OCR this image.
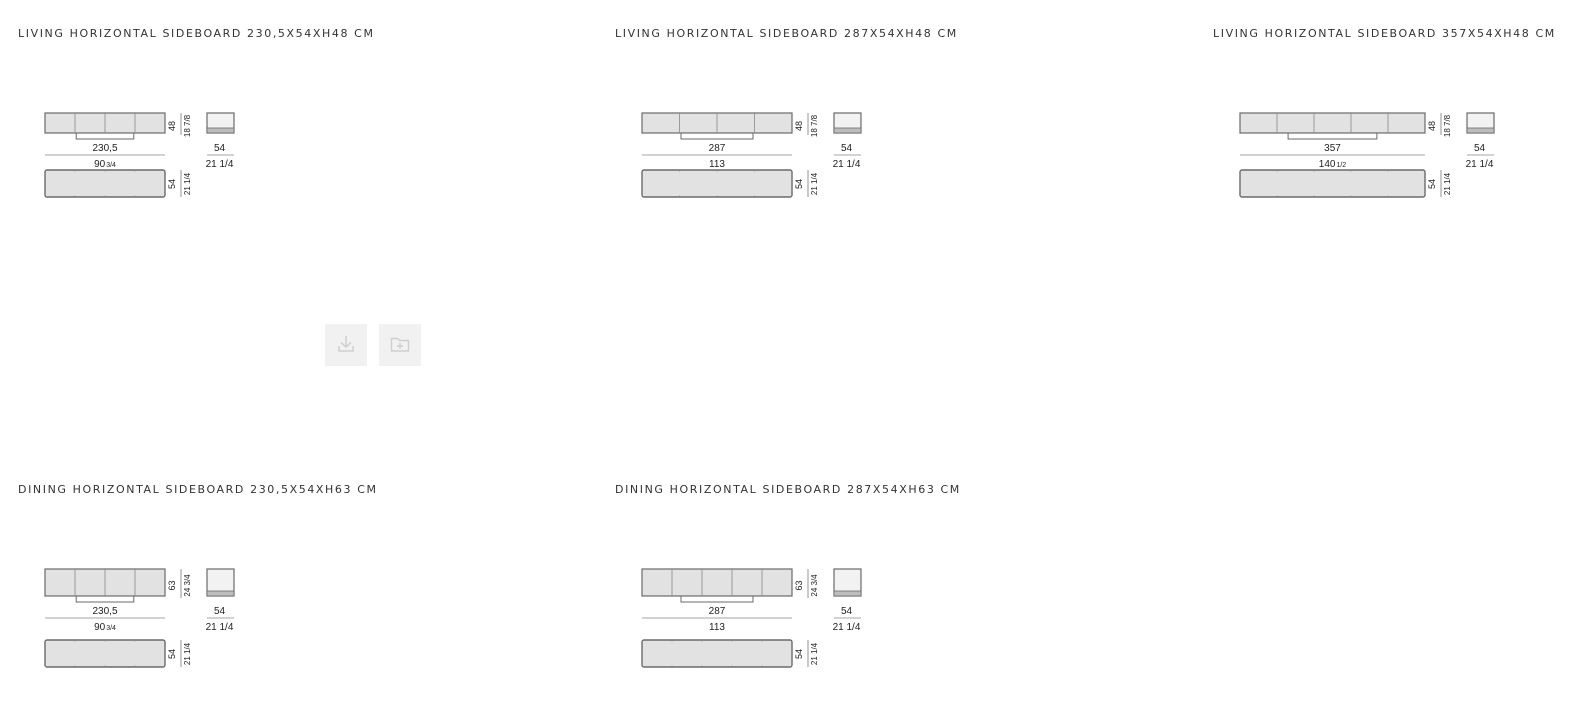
LIVING HORIZONTAL SIDEBOARD 230,5X54XH48 CM
48 18 7/8
230,5
903/4
54
21 1/4
54 21 1/4
LIVING HORIZONTAL SIDEBOARD 287X54XH48 CM
48 18 7/8
287
113
54
21 1/4
54 21 1/4
LIVING HORIZONTAL SIDEBOARD 357X54XH48 CM
48 18 7/8
357
1401/2
54
21 1/4
54 21 1/4
DINING HORIZONTAL SIDEBOARD 230,5X54XH63 CM
63 24 3/4
230,5
903/4
54
21 1/4
54 21 1/4
DINING HORIZONTAL SIDEBOARD 287X54XH63 CM
63 24 3/4
287
113
54
21 1/4
54 21 1/4
